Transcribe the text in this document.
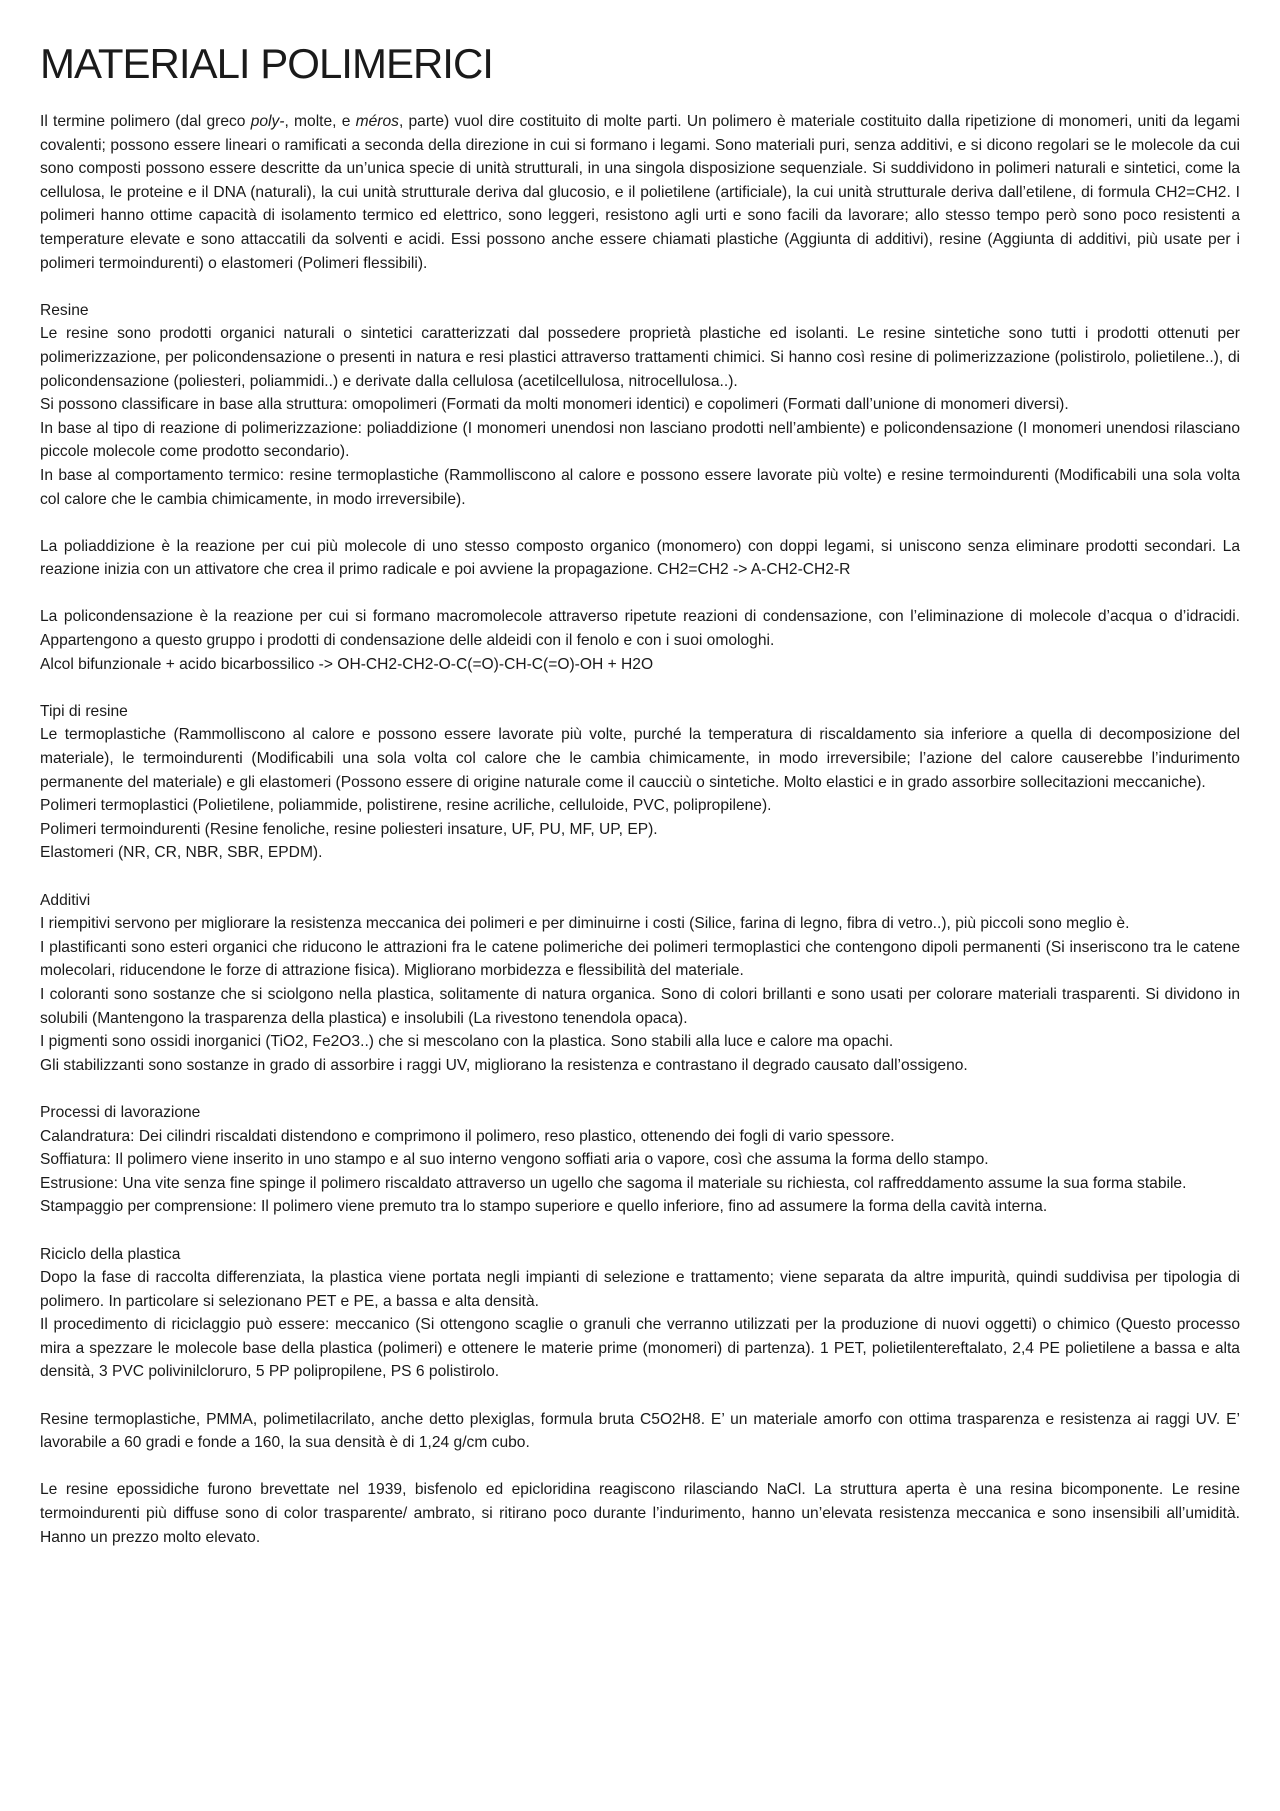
MATERIALI POLIMERICI

Il termine polimero (dal greco poly-, molte, e méros, parte) vuol dire costituito di molte parti. Un polimero è materiale costituito dalla ripetizione di monomeri, uniti da legami covalenti; possono essere lineari o ramificati a seconda della direzione in cui si formano i legami. Sono materiali puri, senza additivi, e si dicono regolari se le molecole da cui sono composti possono essere descritte da un’unica specie di unità strutturali, in una singola disposizione sequenziale. Si suddividono in polimeri naturali e sintetici, come la cellulosa, le proteine e il DNA (naturali), la cui unità strutturale deriva dal glucosio, e il polietilene (artificiale), la cui unità strutturale deriva dall’etilene, di formula CH2=CH2. I polimeri hanno ottime capacità di isolamento termico ed elettrico, sono leggeri, resistono agli urti e sono facili da lavorare; allo stesso tempo però sono poco resistenti a temperature elevate e sono attaccatili da solventi e acidi. Essi possono anche essere chiamati plastiche (Aggiunta di additivi), resine (Aggiunta di additivi, più usate per i polimeri termoindurenti) o elastomeri (Polimeri flessibili).

Resine

Le resine sono prodotti organici naturali o sintetici caratterizzati dal possedere proprietà plastiche ed isolanti. Le resine sintetiche sono tutti i prodotti ottenuti per polimerizzazione, per policondensazione o presenti in natura e resi plastici attraverso trattamenti chimici. Si hanno così resine di polimerizzazione (polistirolo, polietilene..), di policondensazione (poliesteri, poliammidi..) e derivate dalla cellulosa (acetilcellulosa, nitrocellulosa..).
Si possono classificare in base alla struttura: omopolimeri (Formati da molti monomeri identici) e copolimeri (Formati dall’unione di monomeri diversi).
In base al tipo di reazione di polimerizzazione: poliaddizione (I monomeri unendosi non lasciano prodotti nell’ambiente) e policondensazione (I monomeri unendosi rilasciano piccole molecole come prodotto secondario).
In base al comportamento termico: resine termoplastiche (Rammolliscono al calore e possono essere lavorate più volte) e resine termoindurenti (Modificabili una sola volta col calore che le cambia chimicamente, in modo irreversibile).

La poliaddizione è la reazione per cui più molecole di uno stesso composto organico (monomero) con doppi legami, si uniscono senza eliminare prodotti secondari. La reazione inizia con un attivatore che crea il primo radicale e poi avviene la propagazione. CH2=CH2 -> A-CH2-CH2-R

La policondensazione è la reazione per cui si formano macromolecole attraverso ripetute reazioni di condensazione, con l’eliminazione di molecole d’acqua o d’idracidi. Appartengono a questo gruppo i prodotti di condensazione delle aldeidi con il fenolo e con i suoi omologhi.
Alcol bifunzionale + acido bicarbossilico -> OH-CH2-CH2-O-C(=O)-CH-C(=O)-OH + H2O

Tipi di resine

Le termoplastiche (Rammolliscono al calore e possono essere lavorate più volte, purché la temperatura di riscaldamento sia inferiore a quella di decomposizione del materiale), le termoindurenti (Modificabili una sola volta col calore che le cambia chimicamente, in modo irreversibile; l’azione del calore causerebbe l’indurimento permanente del materiale) e gli elastomeri (Possono essere di origine naturale come il caucciù o sintetiche. Molto elastici e in grado assorbire sollecitazioni meccaniche).
Polimeri termoplastici (Polietilene, poliammide, polistirene, resine acriliche, celluloide, PVC, polipropilene).
Polimeri termoindurenti (Resine fenoliche, resine poliesteri insature, UF, PU, MF, UP, EP).
Elastomeri (NR, CR, NBR, SBR, EPDM).

Additivi

I riempitivi servono per migliorare la resistenza meccanica dei polimeri e per diminuirne i costi (Silice, farina di legno, fibra di vetro..), più piccoli sono meglio è.
I plastificanti sono esteri organici che riducono le attrazioni fra le catene polimeriche dei polimeri termoplastici che contengono dipoli permanenti (Si inseriscono tra le catene molecolari, riducendone le forze di attrazione fisica). Migliorano morbidezza e flessibilità del materiale.
I coloranti sono sostanze che si sciolgono nella plastica, solitamente di natura organica. Sono di colori brillanti e sono usati per colorare materiali trasparenti. Si dividono in solubili (Mantengono la trasparenza della plastica) e insolubili (La rivestono tenendola opaca).
I pigmenti sono ossidi inorganici (TiO2, Fe2O3..) che si mescolano con la plastica. Sono stabili alla luce e calore ma opachi.
Gli stabilizzanti sono sostanze in grado di assorbire i raggi UV, migliorano la resistenza e contrastano il degrado causato dall’ossigeno.

Processi di lavorazione

Calandratura: Dei cilindri riscaldati distendono e comprimono il polimero, reso plastico, ottenendo dei fogli di vario spessore.
Soffiatura: Il polimero viene inserito in uno stampo e al suo interno vengono soffiati aria o vapore, così che assuma la forma dello stampo.
Estrusione: Una vite senza fine spinge il polimero riscaldato attraverso un ugello che sagoma il materiale su richiesta, col raffreddamento assume la sua forma stabile.
Stampaggio per comprensione: Il polimero viene premuto tra lo stampo superiore e quello inferiore, fino ad assumere la forma della cavità interna.

Riciclo della plastica

Dopo la fase di raccolta differenziata, la plastica viene portata negli impianti di selezione e trattamento; viene separata da altre impurità, quindi suddivisa per tipologia di polimero. In particolare si selezionano PET e PE, a bassa e alta densità.
Il procedimento di riciclaggio può essere: meccanico (Si ottengono scaglie o granuli che verranno utilizzati per la produzione di nuovi oggetti) o chimico (Questo processo mira a spezzare le molecole base della plastica (polimeri) e ottenere le materie prime (monomeri) di partenza). 1 PET, polietilentereftalato, 2,4 PE polietilene a bassa e alta densità, 3 PVC polivinilcloruro, 5 PP polipropilene, PS 6 polistirolo.

Resine termoplastiche, PMMA, polimetilacrilato, anche detto plexiglas, formula bruta C5O2H8. E’ un materiale amorfo con ottima trasparenza e resistenza ai raggi UV. E’ lavorabile a 60 gradi e fonde a 160, la sua densità è di 1,24 g/cm cubo.

Le resine epossidiche furono brevettate nel 1939, bisfenolo ed epicloridina reagiscono rilasciando NaCl. La struttura aperta è una resina bicomponente. Le resine termoindurenti più diffuse sono di color trasparente/ ambrato, si ritirano poco durante l’indurimento, hanno un’elevata resistenza meccanica e sono insensibili all’umidità. Hanno un prezzo molto elevato.
